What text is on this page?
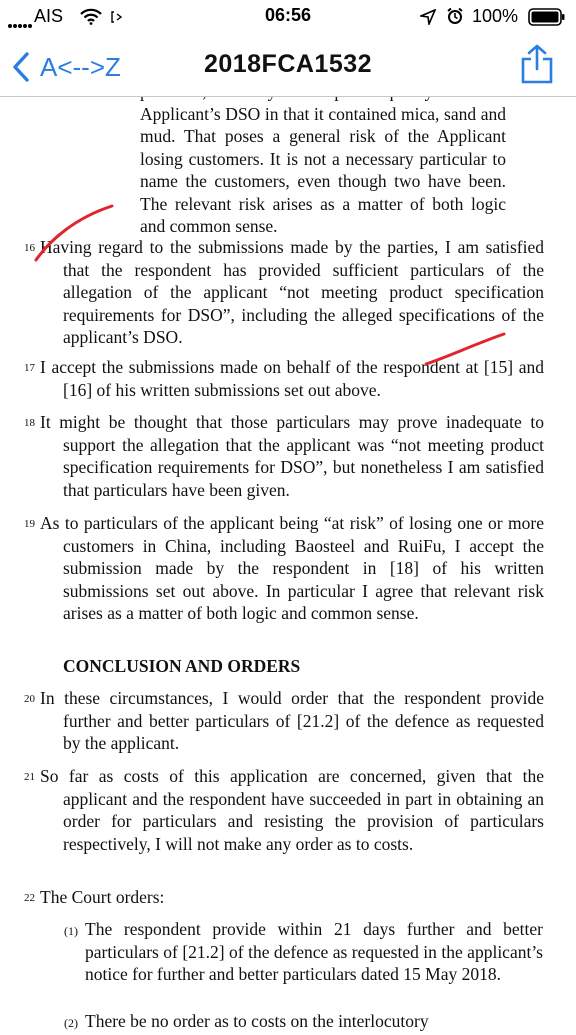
AIS	06:56	100%
A<-->Z	2018FCA1532
Applicant’s DSO in that it contained mica, sand and mud. That poses a general risk of the Applicant losing customers. It is not a necessary particular to name the customers, even though two have been. The relevant risk arises as a matter of both logic and common sense.
16 Having regard to the submissions made by the parties, I am satisfied that the respondent has provided sufficient particulars of the allegation of the applicant “not meeting product specification requirements for DSO”, including the alleged specifications of the applicant’s DSO.
17 I accept the submissions made on behalf of the respondent at [15] and [16] of his written submissions set out above.
18 It might be thought that those particulars may prove inadequate to support the allegation that the applicant was “not meeting product specification requirements for DSO”, but nonetheless I am satisfied that particulars have been given.
19 As to particulars of the applicant being “at risk” of losing one or more customers in China, including Baosteel and RuiFu, I accept the submission made by the respondent in [18] of his written submissions set out above. In particular I agree that relevant risk arises as a matter of both logic and common sense.
CONCLUSION AND ORDERS
20 In these circumstances, I would order that the respondent provide further and better particulars of [21.2] of the defence as requested by the applicant.
21 So far as costs of this application are concerned, given that the applicant and the respondent have succeeded in part in obtaining an order for particulars and resisting the provision of particulars respectively, I will not make any order as to costs.
22 The Court orders:
(1) The respondent provide within 21 days further and better particulars of [21.2] of the defence as requested in the applicant’s notice for further and better particulars dated 15 May 2018.
(2) There be no order as to costs on the interlocutory
